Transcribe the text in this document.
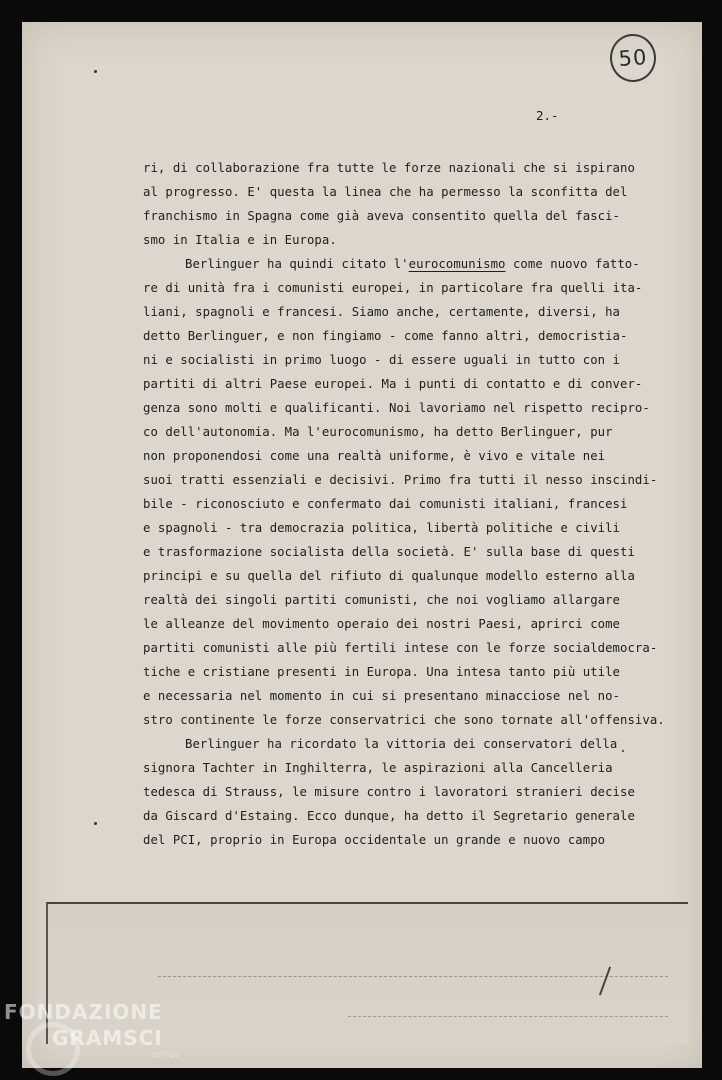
50
2.-
ri, di collaborazione fra tutte le forze nazionali che si ispirano
al progresso. E' questa la linea che ha permesso la sconfitta del
franchismo in Spagna come già aveva consentito quella del fasci-
smo in Italia e in Europa.
Berlinguer ha quindi citato l'eurocomunismo come nuovo fatto-
re di unità fra i comunisti europei, in particolare fra quelli ita-
liani, spagnoli e francesi. Siamo anche, certamente, diversi, ha
detto Berlinguer, e non fingiamo - come fanno altri, democristia-
ni e socialisti in primo luogo - di essere uguali in tutto con i
partiti di altri Paese europei. Ma i punti di contatto e di conver-
genza sono molti e qualificanti. Noi lavoriamo nel rispetto recipro-
co dell'autonomia. Ma l'eurocomunismo, ha detto Berlinguer, pur
non proponendosi come una realtà uniforme, è vivo e vitale nei
suoi tratti essenziali e decisivi. Primo fra tutti il nesso inscindi-
bile - riconosciuto e confermato dai comunisti italiani, francesi
e spagnoli - tra democrazia politica, libertà politiche e civili
e trasformazione socialista della società. E' sulla base di questi
principi e su quella del rifiuto di qualunque modello esterno alla
realtà dei singoli partiti comunisti, che noi vogliamo allargare
le alleanze del movimento operaio dei nostri Paesi, aprirci come
partiti comunisti alle più fertili intese con le forze socialdemocra-
tiche e cristiane presenti in Europa. Una intesa tanto più utile
e necessaria nel momento in cui si presentano minacciose nel no-
stro continente le forze conservatrici che sono tornate all'offensiva.
Berlinguer ha ricordato la vittoria dei conservatori della
signora Tachter in Inghilterra, le aspirazioni alla Cancelleria
tedesca di Strauss, le misure contro i lavoratori stranieri decise
da Giscard d'Estaing. Ecco dunque, ha detto il Segretario generale
del PCI, proprio in Europa occidentale un grande e nuovo campo
FONDAZIONE
GRAMSCI
onlus
